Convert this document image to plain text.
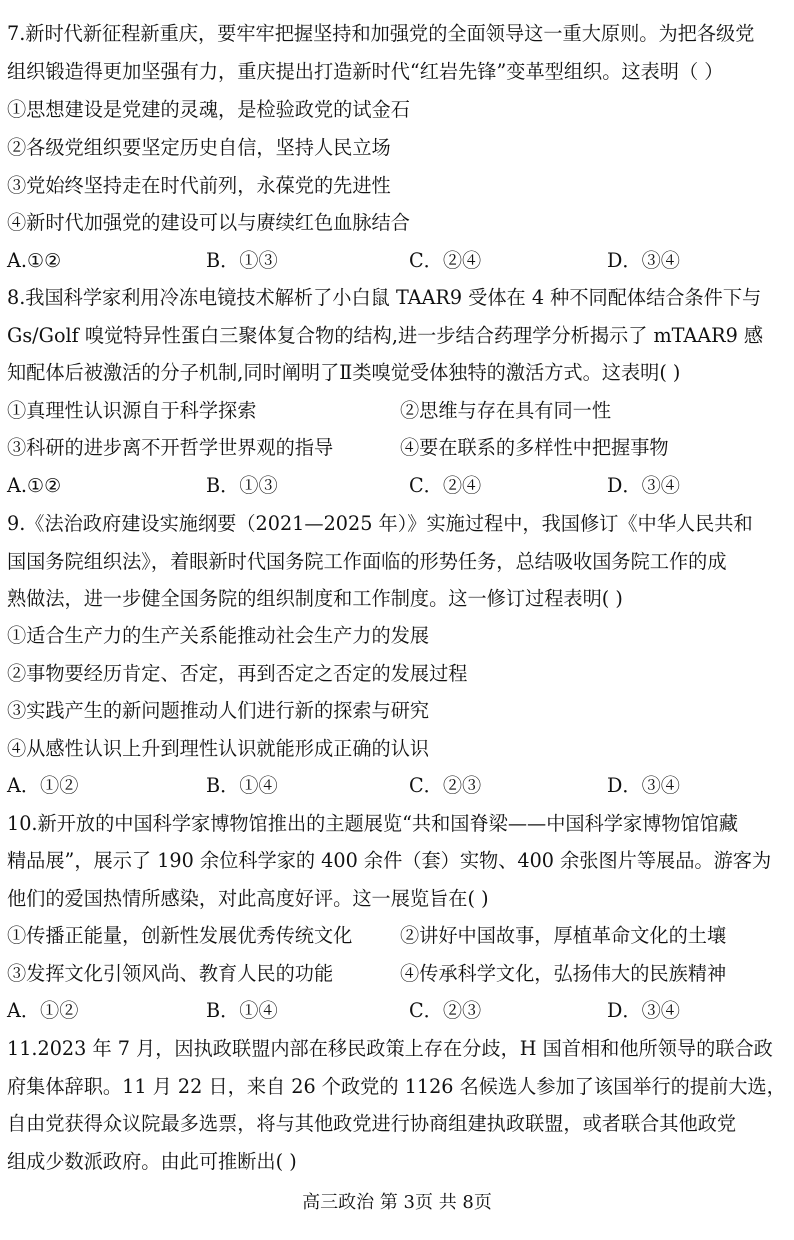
7.新时代新征程新重庆，要牢牢把握坚持和加强党的全面领导这一重大原则。为把各级党
组织锻造得更加坚强有力，重庆提出打造新时代“红岩先锋”变革型组织。这表明（ ）
①思想建设是党建的灵魂，是检验政党的试金石
②各级党组织要坚定历史自信，坚持人民立场
③党始终坚持走在时代前列，永葆党的先进性
④新时代加强党的建设可以与赓续红色血脉结合
A.①②	B．①③	C．②④	D．③④
8.我国科学家利用冷冻电镜技术解析了小白鼠 TAAR9 受体在 4 种不同配体结合条件下与
Gs/Golf 嗅觉特异性蛋白三聚体复合物的结构,进一步结合药理学分析揭示了 mTAAR9 感
知配体后被激活的分子机制,同时阐明了Ⅱ类嗅觉受体独特的激活方式。这表明( )
①真理性认识源自于科学探索	②思维与存在具有同一性
③科研的进步离不开哲学世界观的指导	④要在联系的多样性中把握事物
A.①②	B．①③	C．②④	D．③④
9.《法治政府建设实施纲要（2021—2025 年）》实施过程中，我国修订《中华人民共和
国国务院组织法》，着眼新时代国务院工作面临的形势任务，总结吸收国务院工作的成
熟做法，进一步健全国务院的组织制度和工作制度。这一修订过程表明( )
①适合生产力的生产关系能推动社会生产力的发展
②事物要经历肯定、否定，再到否定之否定的发展过程
③实践产生的新问题推动人们进行新的探索与研究
④从感性认识上升到理性认识就能形成正确的认识
A．①②	B．①④	C．②③	D．③④
10.新开放的中国科学家博物馆推出的主题展览“共和国脊梁——中国科学家博物馆馆藏
精品展”，展示了 190 余位科学家的 400 余件（套）实物、400 余张图片等展品。游客为
他们的爱国热情所感染，对此高度好评。这一展览旨在( )
①传播正能量，创新性发展优秀传统文化 ②讲好中国故事，厚植革命文化的土壤
③发挥文化引领风尚、教育人民的功能	④传承科学文化，弘扬伟大的民族精神
A．①②	B．①④	C．②③	D．③④
11.2023 年 7 月，因执政联盟内部在移民政策上存在分歧，H 国首相和他所领导的联合政
府集体辞职。11 月 22 日，来自 26 个政党的 1126 名候选人参加了该国举行的提前大选，
自由党获得众议院最多选票，将与其他政党进行协商组建执政联盟，或者联合其他政党
组成少数派政府。由此可推断出( )
高三政治 第 3页 共 8页
